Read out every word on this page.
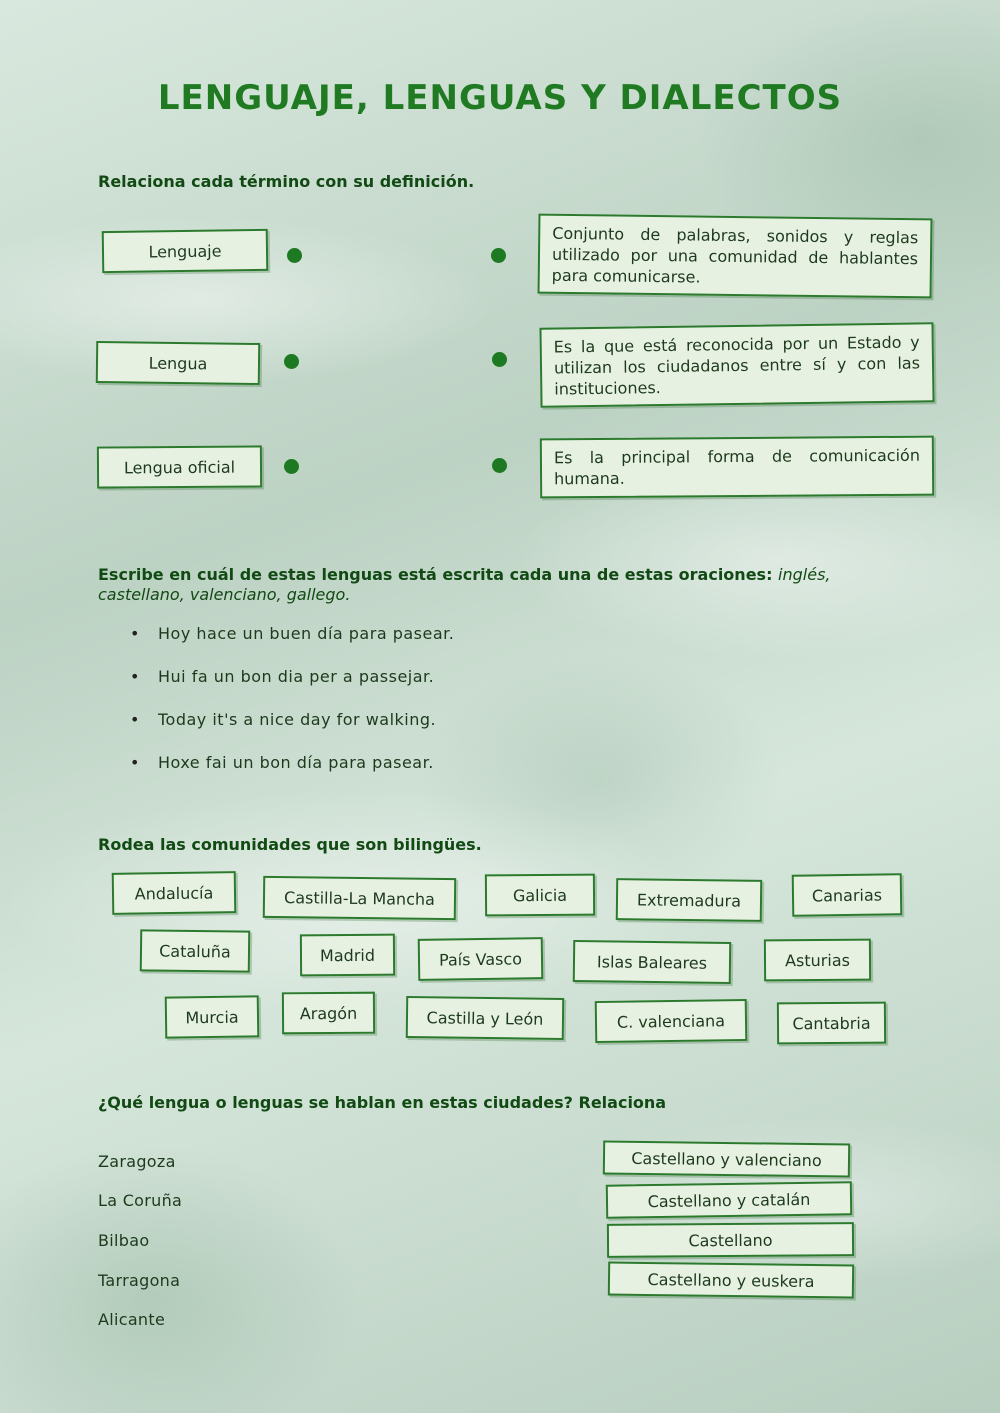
LENGUAJE, LENGUAS Y DIALECTOS
Relaciona cada término con su definición.
Lenguaje
Lengua
Lengua oficial
Conjunto de palabras, sonidos y reglas utilizado por una comunidad de hablantes para comunicarse.
Es la que está reconocida por un Estado y utilizan los ciudadanos entre sí y con las instituciones.
Es la principal forma de comunicación humana.
Escribe en cuál de estas lenguas está escrita cada una de estas oraciones: inglés, castellano, valenciano, gallego.
• Hoy hace un buen día para pasear.
• Hui fa un bon dia per a passejar.
• Today it's a nice day for walking.
• Hoxe fai un bon día para pasear.
Rodea las comunidades que son bilingües.
Andalucía	Castilla-La Mancha	Galicia	Extremadura	Canarias
Cataluña	Madrid	País Vasco	Islas Baleares	Asturias
Murcia	Aragón	Castilla y León	C. valenciana	Cantabria
¿Qué lengua o lenguas se hablan en estas ciudades? Relaciona
Zaragoza
La Coruña
Bilbao
Tarragona
Alicante
Castellano y valenciano
Castellano y catalán
Castellano
Castellano y euskera
